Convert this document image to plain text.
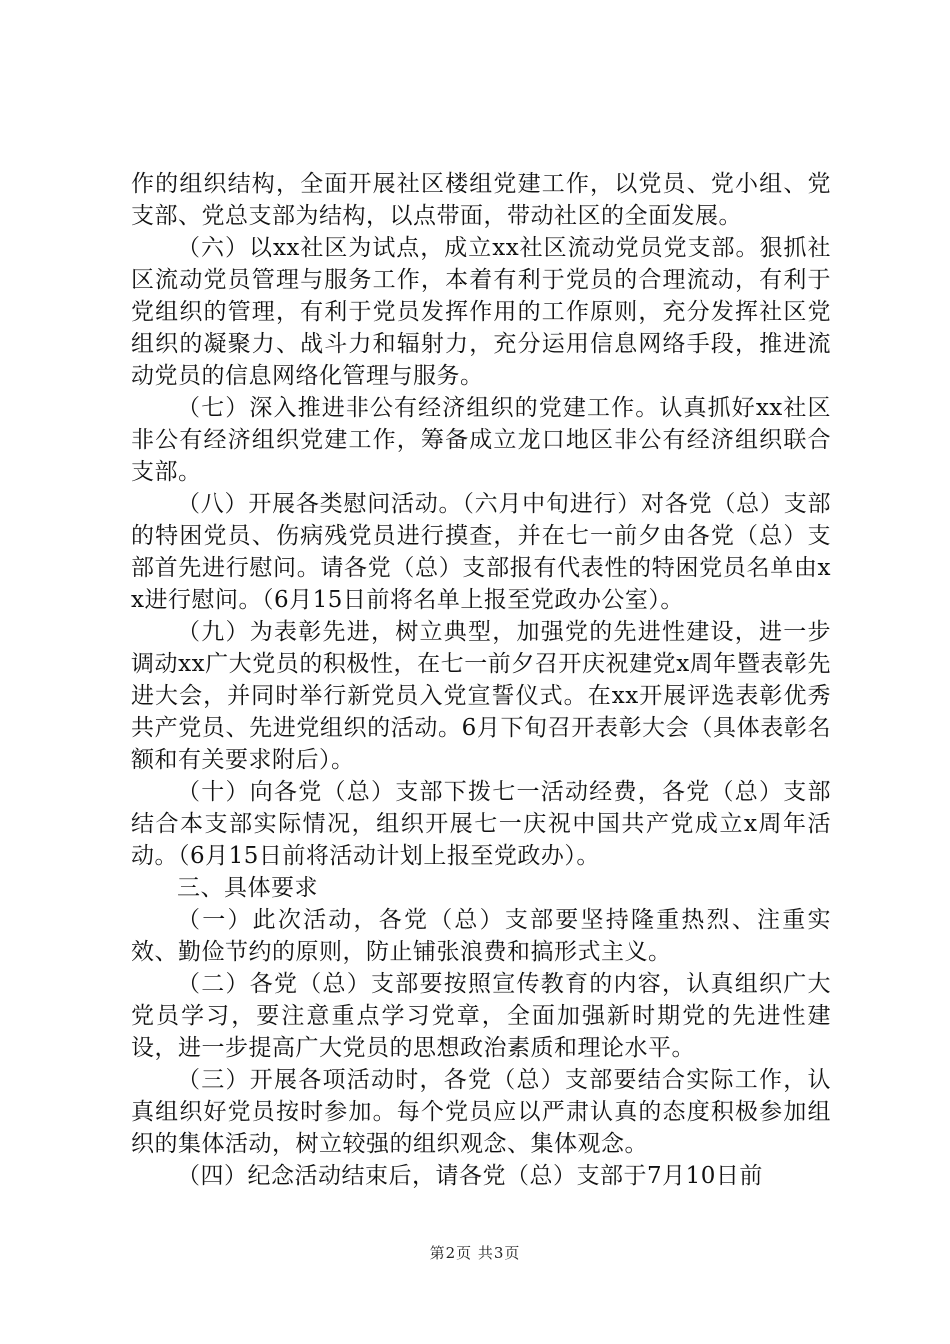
作的组织结构，全面开展社区楼组党建工作，以党员、党小组、党支部、党总支部为结构，以点带面，带动社区的全面发展。

（六）以xx社区为试点，成立xx社区流动党员党支部。狠抓社区流动党员管理与服务工作，本着有利于党员的合理流动，有利于党组织的管理，有利于党员发挥作用的工作原则，充分发挥社区党组织的凝聚力、战斗力和辐射力，充分运用信息网络手段，推进流动党员的信息网络化管理与服务。

（七）深入推进非公有经济组织的党建工作。认真抓好xx社区非公有经济组织党建工作，筹备成立龙口地区非公有经济组织联合支部。

（八）开展各类慰问活动。（六月中旬进行）对各党（总）支部的特困党员、伤病残党员进行摸查，并在七一前夕由各党（总）支部首先进行慰问。请各党（总）支部报有代表性的特困党员名单由xx进行慰问。（6月15日前将名单上报至党政办公室）。

（九）为表彰先进，树立典型，加强党的先进性建设，进一步调动xx广大党员的积极性，在七一前夕召开庆祝建党x周年暨表彰先进大会，并同时举行新党员入党宣誓仪式。在xx开展评选表彰优秀共产党员、先进党组织的活动。6月下旬召开表彰大会（具体表彰名额和有关要求附后）。

（十）向各党（总）支部下拨七一活动经费，各党（总）支部结合本支部实际情况，组织开展七一庆祝中国共产党成立x周年活动。（6月15日前将活动计划上报至党政办）。

三、具体要求

（一）此次活动，各党（总）支部要坚持隆重热烈、注重实效、勤俭节约的原则，防止铺张浪费和搞形式主义。

（二）各党（总）支部要按照宣传教育的内容，认真组织广大党员学习，要注意重点学习党章，全面加强新时期党的先进性建设，进一步提高广大党员的思想政治素质和理论水平。

（三）开展各项活动时，各党（总）支部要结合实际工作，认真组织好党员按时参加。每个党员应以严肃认真的态度积极参加组织的集体活动，树立较强的组织观念、集体观念。

（四）纪念活动结束后，请各党（总）支部于7月10日前

第2页 共3页
